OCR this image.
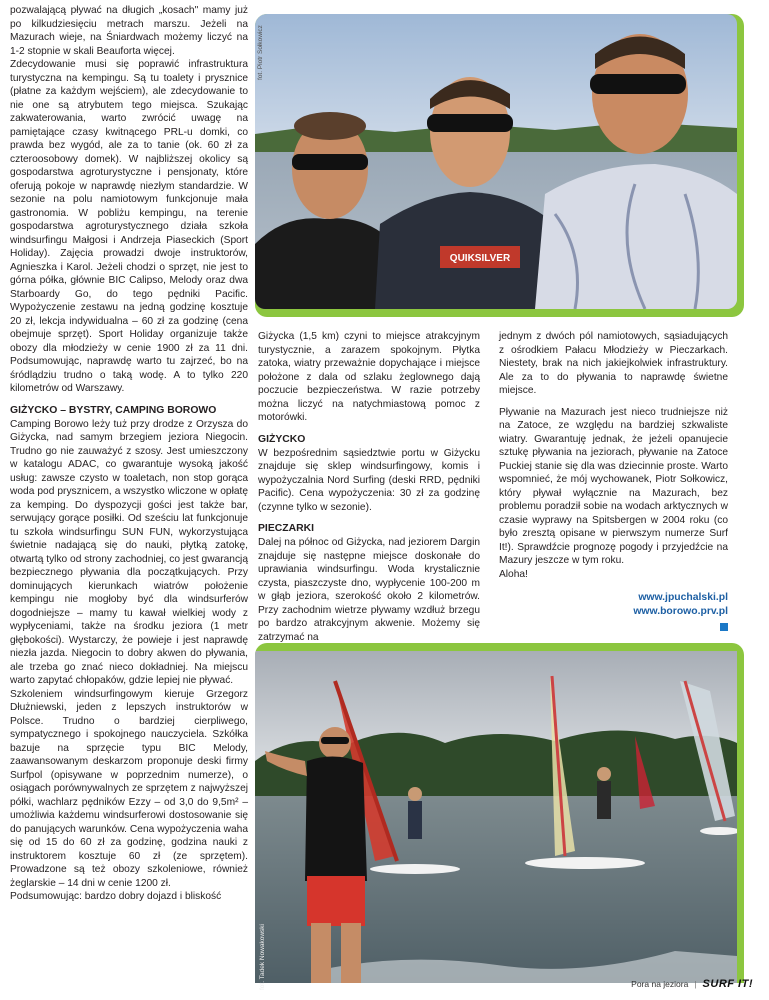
pozwalającą pływać na długich „kosach" mamy już po kilkudziesięciu metrach marszu. Jeżeli na Mazurach wieje, na Śniardwach możemy liczyć na 1-2 stopnie w skali Beauforta więcej.

Zdecydowanie musi się poprawić infrastruktura turystyczna na kempingu. Są tu toalety i prysznice (płatne za każdym wejściem), ale zdecydowanie to nie one są atrybutem tego miejsca. Szukając zakwaterowania, warto zwrócić uwagę na pamiętające czasy kwitnącego PRL-u domki, co prawda bez wygód, ale za to tanie (ok. 60 zł za czteroosobowy domek). W najbliższej okolicy są gospodarstwa agroturystyczne i pensjonaty, które oferują pokoje w naprawdę niezłym standardzie. W sezonie na polu namiotowym funkcjonuje mała gastronomia. W pobliżu kempingu, na terenie gospodarstwa agroturystycznego działa szkoła windsurfingu Małgosi i Andrzeja Piaseckich (Sport Holiday). Zajęcia prowadzi dwoje instruktorów, Agnieszka i Karol. Jeżeli chodzi o sprzęt, nie jest to górna półka, głównie BIC Calipso, Melody oraz dwa Starboardy Go, do tego pędniki Pacific. Wypożyczenie zestawu na jedną godzinę kosztuje 20 zł, lekcja indywidualna – 60 zł za godzinę (cena obejmuje sprzęt). Sport Holiday organizuje także obozy dla młodzieży w cenie 1900 zł za 11 dni. Podsumowując, naprawdę warto tu zajrzeć, bo na śródlądziu trudno o taką wodę. A to tylko 220 kilometrów od Warszawy.

GIŻYCKO – BYSTRY, CAMPING BOROWO

Camping Borowo leży tuż przy drodze z Orzysza do Giżycka, nad samym brzegiem jeziora Niegocin. Trudno go nie zauważyć z szosy. Jest umieszczony w katalogu ADAC, co gwarantuje wysoką jakość usług: zawsze czysto w toaletach, non stop gorąca woda pod prysznicem, a wszystko wliczone w opłatę za kemping. Do dyspozycji gości jest także bar, serwujący gorące posiłki. Od sześciu lat funkcjonuje tu szkoła windsurfingu SUN FUN, wykorzystująca świetnie nadającą się do nauki, płytką zatokę, otwartą tylko od strony zachodniej, co jest gwarancją bezpiecznego pływania dla początkujących. Przy dominujących kierunkach wiatrów położenie kempingu nie mogłoby być dla windsurferów dogodniejsze – mamy tu kawał wielkiej wody z wypłyceniami, także na środku jeziora (1 metr głębokości). Wystarczy, że powieje i jest naprawdę niezła jazda. Niegocin to dobry akwen do pływania, ale trzeba go znać nieco dokładniej. Na miejscu warto zapytać chłopaków, gdzie lepiej nie pływać.

Szkoleniem windsurfingowym kieruje Grzegorz Dłużniewski, jeden z lepszych instruktorów w Polsce. Trudno o bardziej cierpliwego, sympatycznego i spokojnego nauczyciela. Szkółka bazuje na sprzęcie typu BIC Melody, zaawansowanym deskarzom proponuje deski firmy Surfpol (opisywane w poprzednim numerze), o osiągach porównywalnych ze sprzętem z najwyższej półki, wachlarz pędników Ezzy – od 3,0 do 9,5m² – umożliwia każdemu windsurferowi dostosowanie się do panujących warunków. Cena wypożyczenia waha się od 15 do 60 zł za godzinę, godzina nauki z instruktorem kosztuje 60 zł (ze sprzętem). Prowadzone są też obozy szkoleniowe, również żeglarskie – 14 dni w cenie 1200 zł.

Podsumowując: bardzo dobry dojazd i bliskość

QUIKSILVER
fot. Piotr Sołkowicz

Giżycka (1,5 km) czyni to miejsce atrakcyjnym turystycznie, a zarazem spokojnym. Płytka zatoka, wiatry przeważnie dopychające i miejsce położone z dala od szlaku żeglownego dają poczucie bezpieczeństwa. W razie potrzeby można liczyć na natychmiastową pomoc z motorówki.

GIŻYCKO

W bezpośrednim sąsiedztwie portu w Giżycku znajduje się sklep windsurfingowy, komis i wypożyczalnia Nord Surfing (deski RRD, pędniki Pacific). Cena wypożyczenia: 30 zł za godzinę (czynne tylko w sezonie).

PIECZARKI

Dalej na północ od Giżycka, nad jeziorem Dargin znajduje się następne miejsce doskonałe do uprawiania windsurfingu. Woda krystalicznie czysta, piaszczyste dno, wypłycenie 100-200 m w głąb jeziora, szerokość około 2 kilometrów. Przy zachodnim wietrze pływamy wzdłuż brzegu po bardzo atrakcyjnym akwenie. Możemy się zatrzymać na

jednym z dwóch pól namiotowych, sąsiadujących z ośrodkiem Pałacu Młodzieży w Pieczarkach. Niestety, brak na nich jakiejkolwiek infrastruktury. Ale za to do pływania to naprawdę świetne miejsce.

Pływanie na Mazurach jest nieco trudniejsze niż na Zatoce, ze względu na bardziej szkwaliste wiatry. Gwarantuję jednak, że jeżeli opanujecie sztukę pływania na jeziorach, pływanie na Zatoce Puckiej stanie się dla was dziecinnie proste. Warto wspomnieć, że mój wychowanek, Piotr Sołkowicz, który pływał wyłącznie na Mazurach, bez problemu poradził sobie na wodach arktycznych w czasie wyprawy na Spitsbergen w 2004 roku (co było zresztą opisane w pierwszym numerze Surf It!). Sprawdźcie prognozę pogody i przyjedźcie na Mazury jeszcze w tym roku.

Aloha!

www.jpuchalski.pl
www.borowo.prv.pl
fot. Tadek Nowakowski	Pora na jeziora | SURF IT!
